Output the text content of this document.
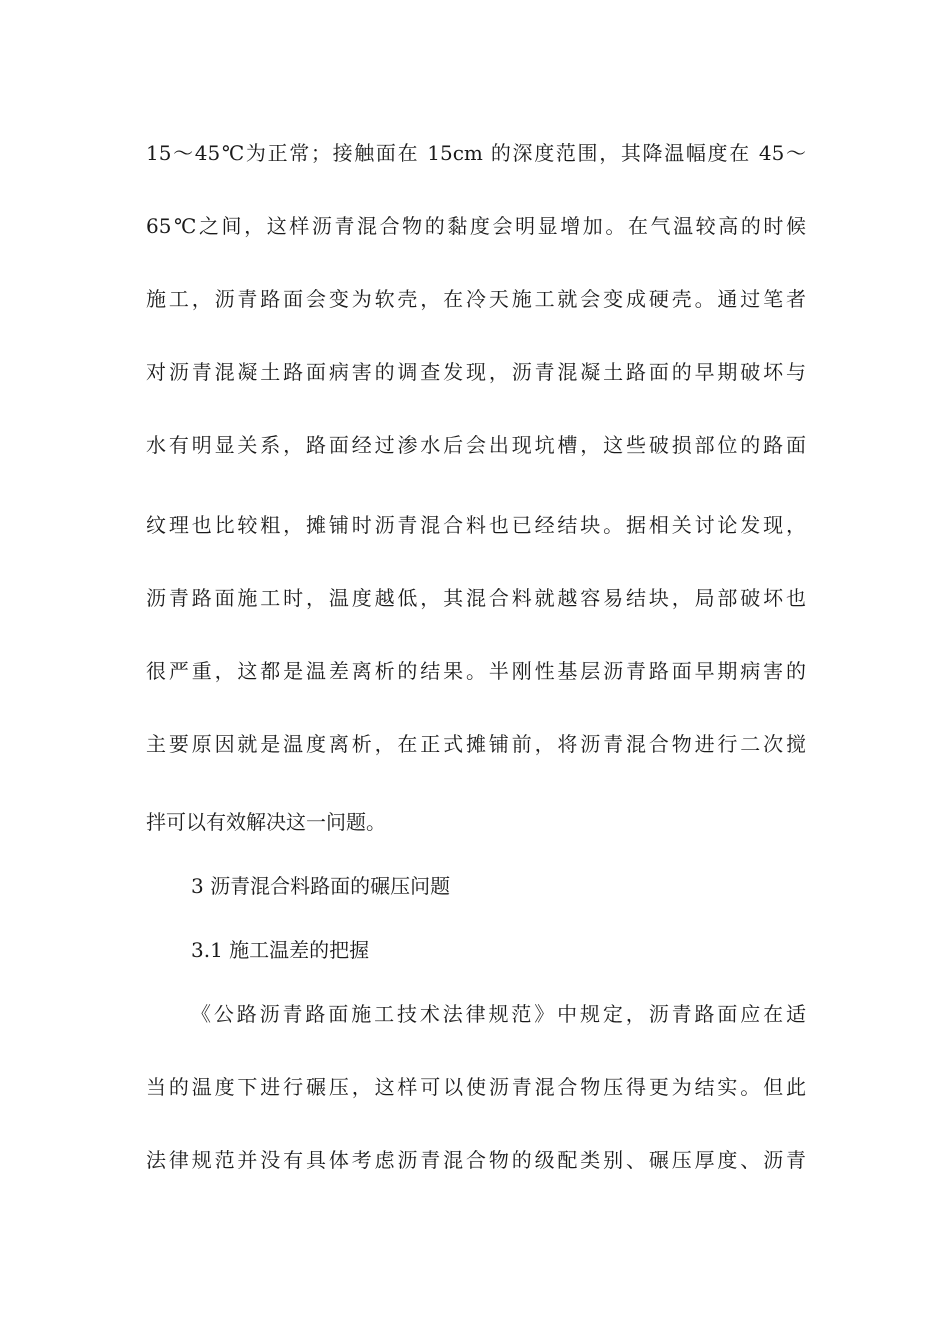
15～45℃为正常；接触面在 15cm 的深度范围，其降温幅度在 45～
65℃之间，这样沥青混合物的黏度会明显增加。在气温较高的时候
施工，沥青路面会变为软壳，在冷天施工就会变成硬壳。通过笔者
对沥青混凝土路面病害的调查发现，沥青混凝土路面的早期破坏与
水有明显关系，路面经过渗水后会出现坑槽，这些破损部位的路面
纹理也比较粗，摊铺时沥青混合料也已经结块。据相关讨论发现，
沥青路面施工时，温度越低，其混合料就越容易结块，局部破坏也
很严重，这都是温差离析的结果。半刚性基层沥青路面早期病害的
主要原因就是温度离析，在正式摊铺前，将沥青混合物进行二次搅
拌可以有效解决这一问题。
3 沥青混合料路面的碾压问题
3.1 施工温差的把握
《公路沥青路面施工技术法律规范》中规定，沥青路面应在适
当的温度下进行碾压，这样可以使沥青混合物压得更为结实。但此
法律规范并没有具体考虑沥青混合物的级配类别、碾压厚度、沥青
